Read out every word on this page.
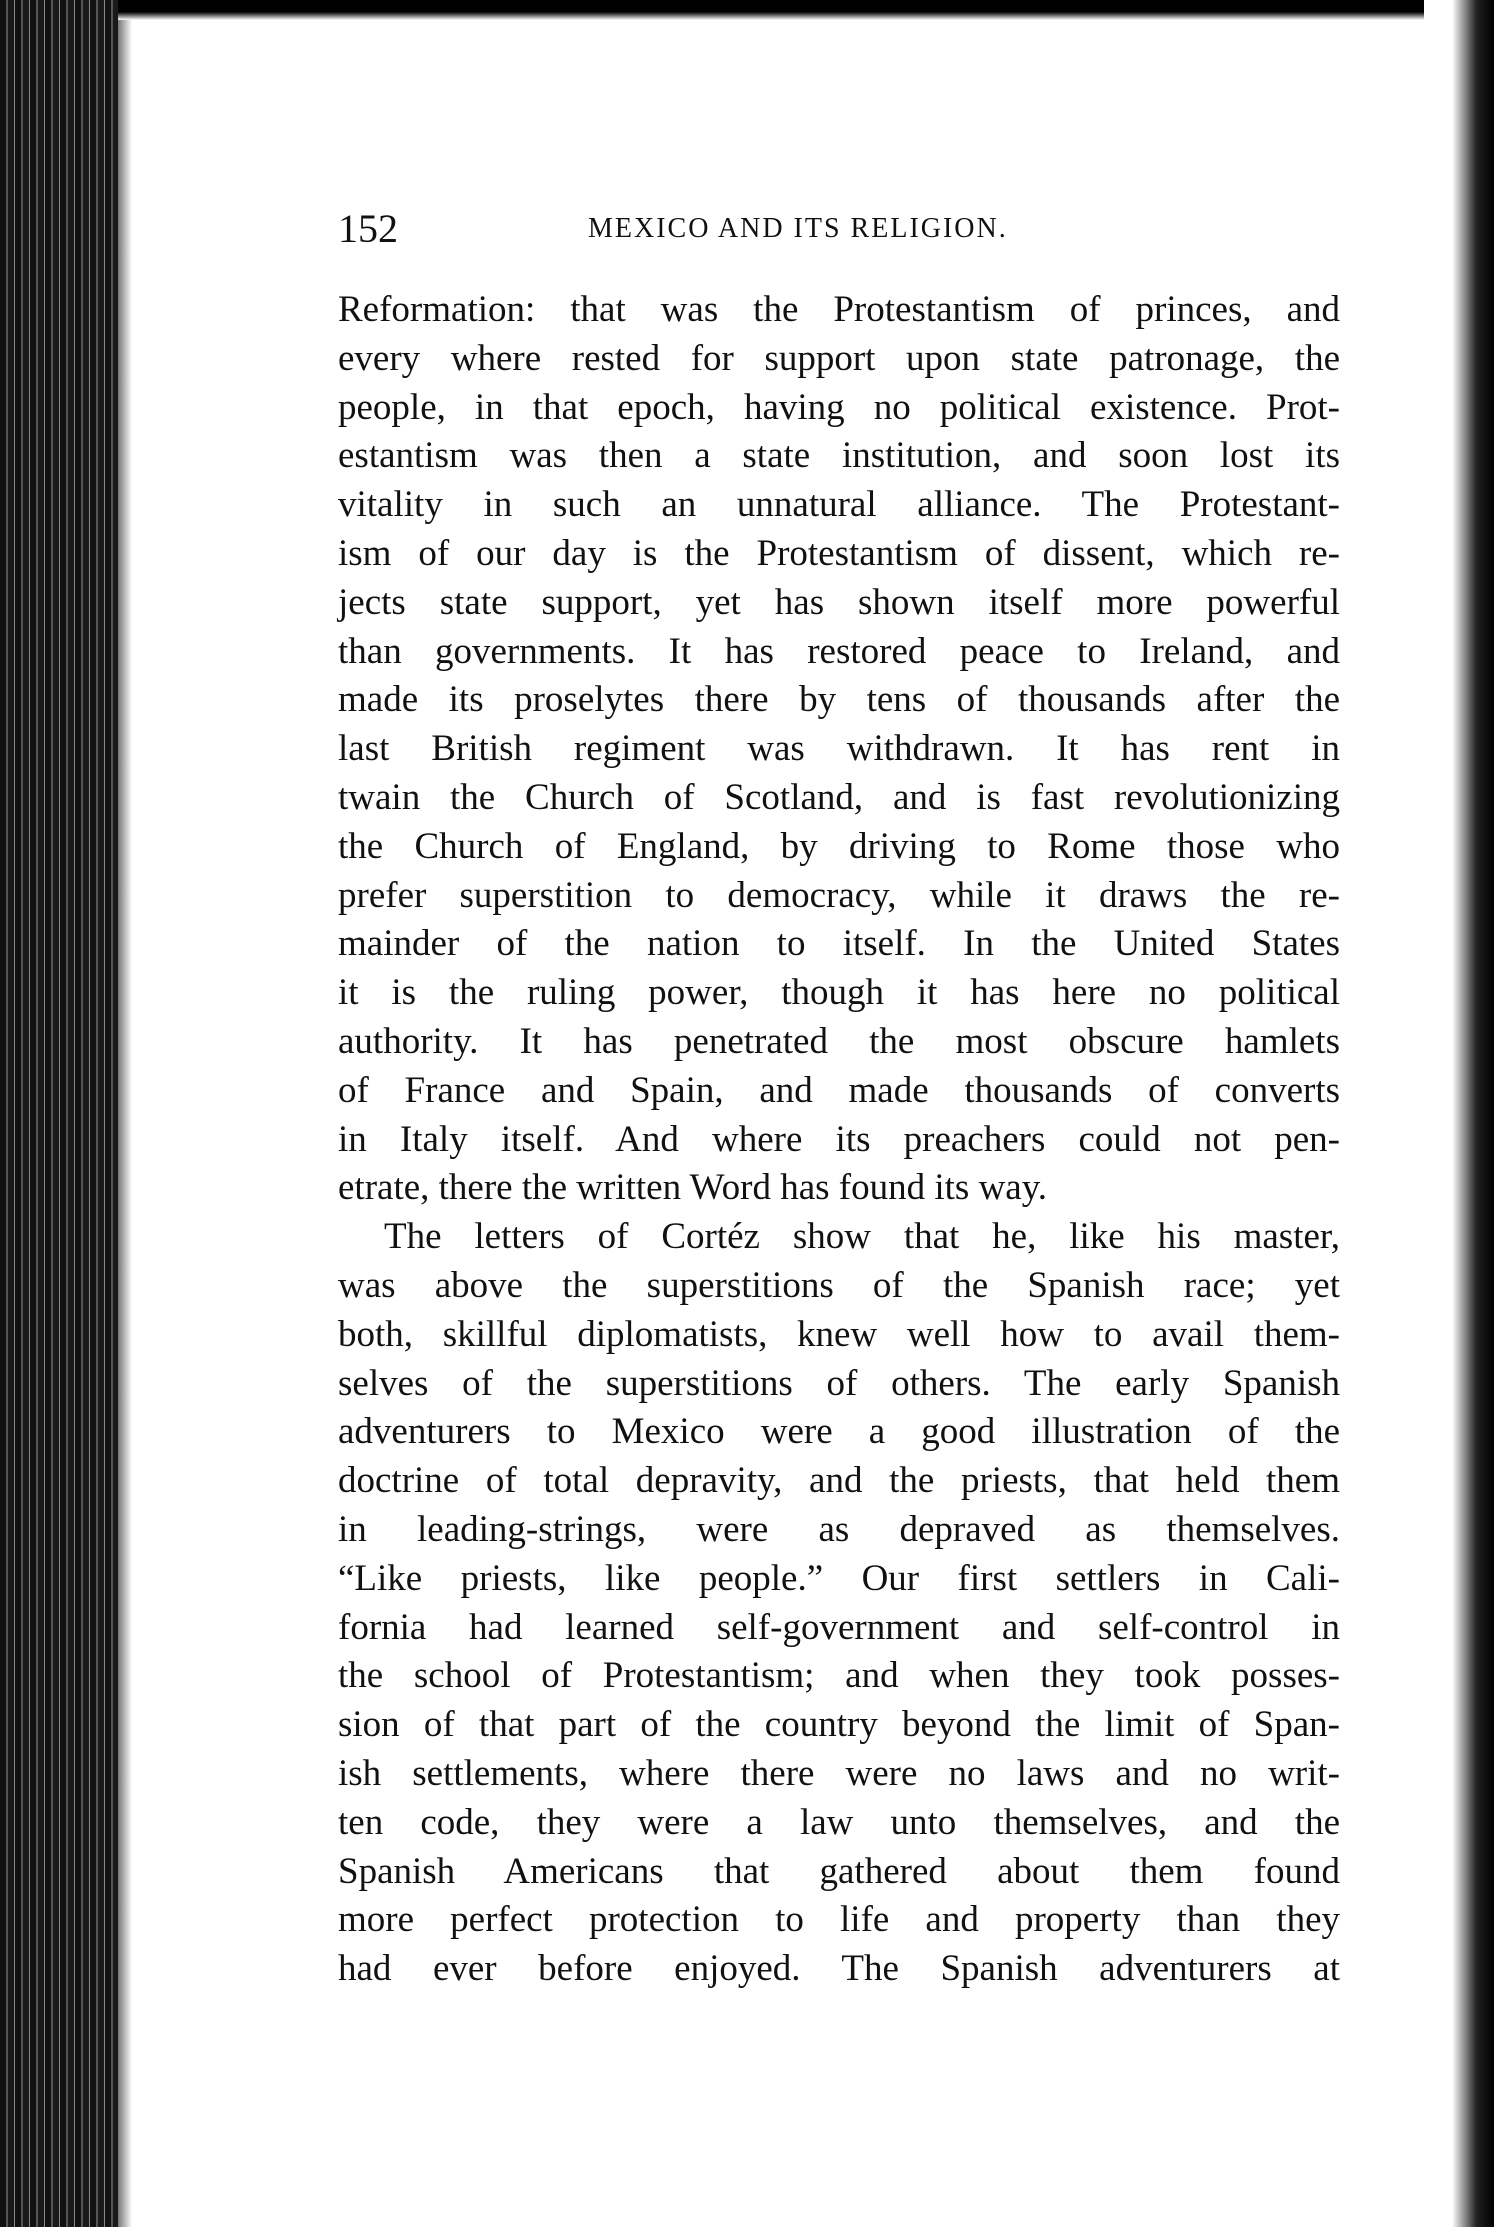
152	MEXICO AND ITS RELIGION.
Reformation: that was the Protestantism of princes, and
every where rested for support upon state patronage, the
people, in that epoch, having no political existence. Prot-
estantism was then a state institution, and soon lost its
vitality in such an unnatural alliance. The Protestant-
ism of our day is the Protestantism of dissent, which re-
jects state support, yet has shown itself more powerful
than governments. It has restored peace to Ireland, and
made its proselytes there by tens of thousands after the
last British regiment was withdrawn. It has rent in
twain the Church of Scotland, and is fast revolutionizing
the Church of England, by driving to Rome those who
prefer superstition to democracy, while it draws the re-
mainder of the nation to itself. In the United States
it is the ruling power, though it has here no political
authority. It has penetrated the most obscure hamlets
of France and Spain, and made thousands of converts
in Italy itself. And where its preachers could not pen-
etrate, there the written Word has found its way.
The letters of Cortéz show that he, like his master,
was above the superstitions of the Spanish race; yet
both, skillful diplomatists, knew well how to avail them-
selves of the superstitions of others. The early Spanish
adventurers to Mexico were a good illustration of the
doctrine of total depravity, and the priests, that held them
in leading-strings, were as depraved as themselves.
“Like priests, like people.” Our first settlers in Cali-
fornia had learned self-government and self-control in
the school of Protestantism; and when they took posses-
sion of that part of the country beyond the limit of Span-
ish settlements, where there were no laws and no writ-
ten code, they were a law unto themselves, and the
Spanish Americans that gathered about them found
more perfect protection to life and property than they
had ever before enjoyed. The Spanish adventurers at
